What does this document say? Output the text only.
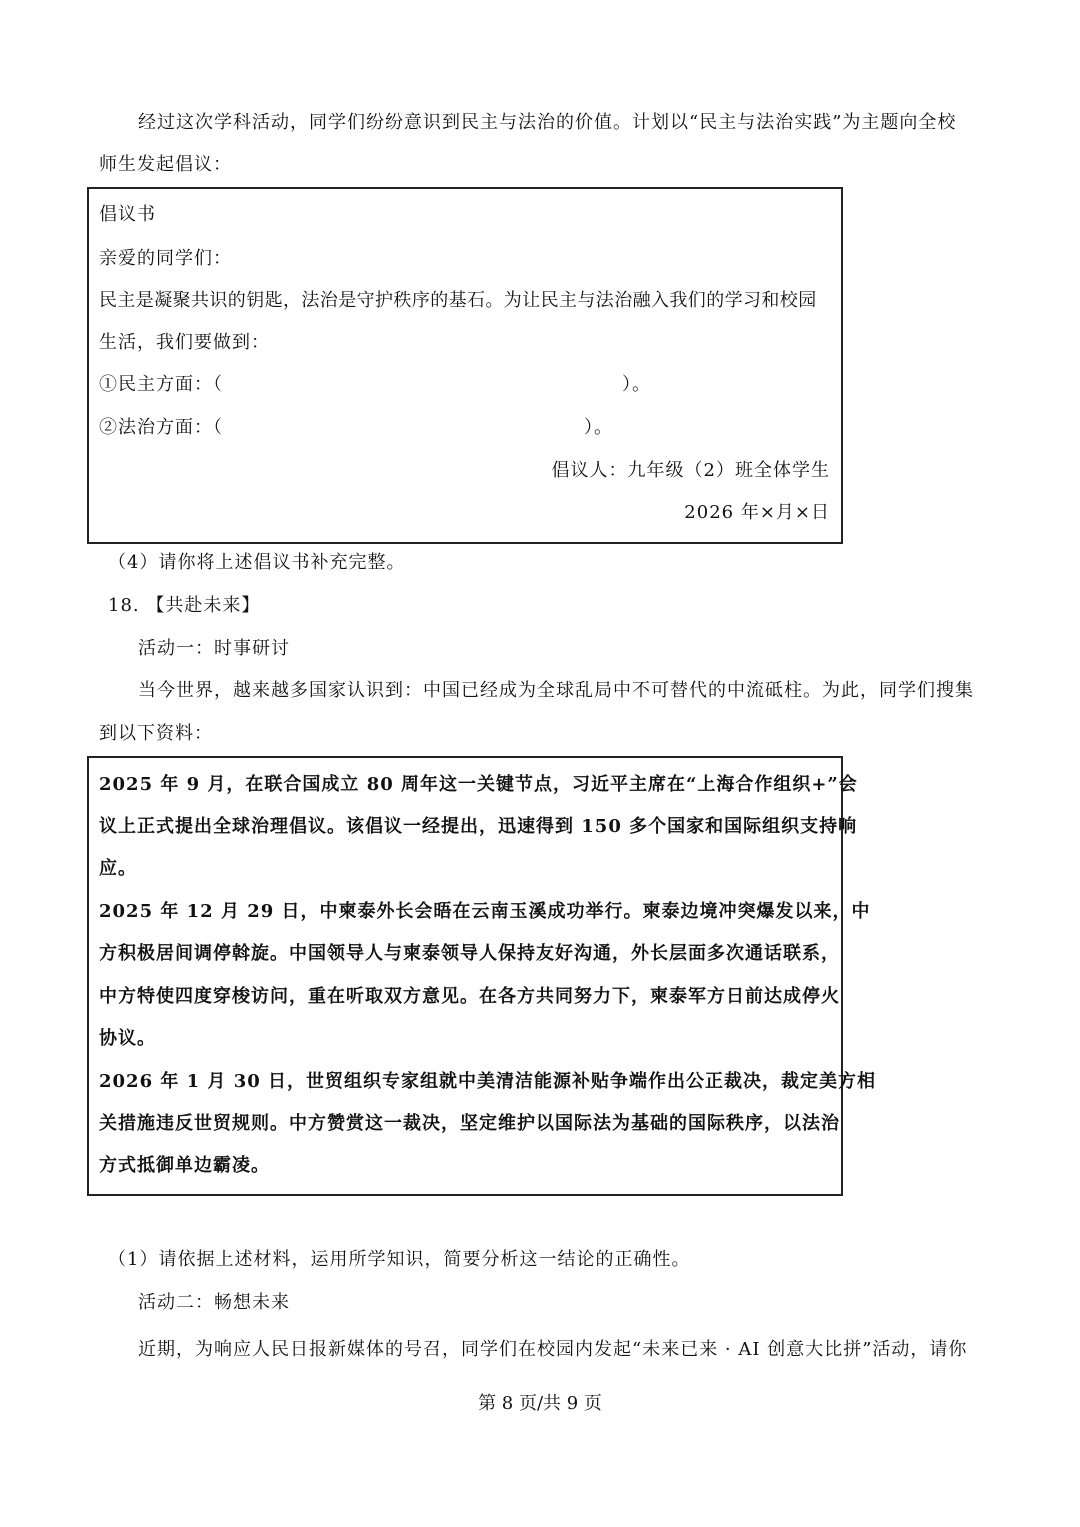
经过这次学科活动，同学们纷纷意识到民主与法治的价值。计划以“民主与法治实践”为主题向全校
师生发起倡议：
倡议书
亲爱的同学们：
民主是凝聚共识的钥匙，法治是守护秩序的基石。为让民主与法治融入我们的学习和校园
生活，我们要做到：
①民主方面：（	）。
②法治方面：（	）。
倡议人：九年级（2）班全体学生
2026 年×月×日
（4）请你将上述倡议书补充完整。
18. 【共赴未来】
活动一：时事研讨
当今世界，越来越多国家认识到：中国已经成为全球乱局中不可替代的中流砥柱。为此，同学们搜集
到以下资料：
2025 年 9 月，在联合国成立 80 周年这一关键节点，习近平主席在“上海合作组织+”会
议上正式提出全球治理倡议。该倡议一经提出，迅速得到 150 多个国家和国际组织支持响
应。
2025 年 12 月 29 日，中柬泰外长会晤在云南玉溪成功举行。柬泰边境冲突爆发以来，中
方积极居间调停斡旋。中国领导人与柬泰领导人保持友好沟通，外长层面多次通话联系，
中方特使四度穿梭访问，重在听取双方意见。在各方共同努力下，柬泰军方日前达成停火
协议。
2026 年 1 月 30 日，世贸组织专家组就中美清洁能源补贴争端作出公正裁决，裁定美方相
关措施违反世贸规则。中方赞赏这一裁决，坚定维护以国际法为基础的国际秩序，以法治
方式抵御单边霸凌。
（1）请依据上述材料，运用所学知识，简要分析这一结论的正确性。
活动二：畅想未来
近期，为响应人民日报新媒体的号召，同学们在校园内发起“未来已来 · AI 创意大比拼”活动，请你
第 8 页/共 9 页
